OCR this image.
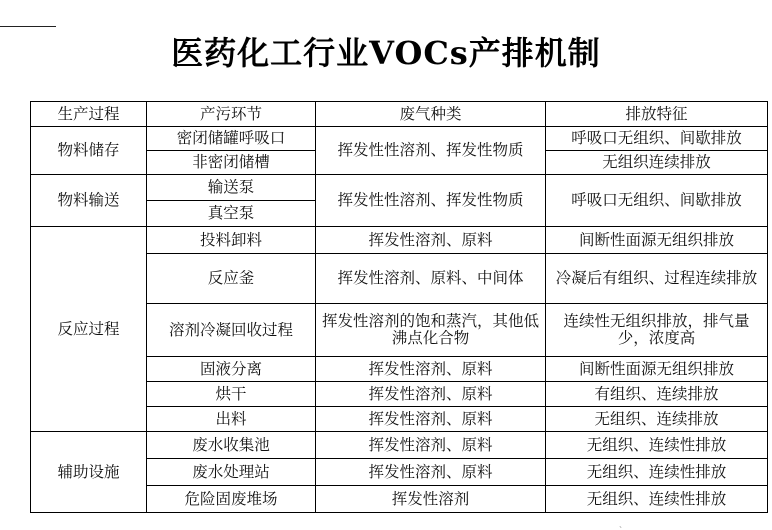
医药化工行业VOCs产排机制
生产过程	产污环节	废气种类	排放特征
物料储存	密闭储罐呼吸口	挥发性性溶剂、挥发性物质	呼吸口无组织、间歇排放
	非密闭储槽		无组织连续排放
物料输送	输送泵	挥发性性溶剂、挥发性物质	呼吸口无组织、间歇排放
	真空泵		
反应过程	投料卸料	挥发性溶剂、原料	间断性面源无组织排放
	反应釜	挥发性溶剂、原料、中间体	冷凝后有组织、过程连续排放
	溶剂冷凝回收过程	挥发性溶剂的饱和蒸汽，其他低沸点化合物	连续性无组织排放，排气量少，浓度高
	固液分离	挥发性溶剂、原料	间断性面源无组织排放
	烘干	挥发性溶剂、原料	有组织、连续排放
	出料	挥发性溶剂、原料	无组织、连续排放
辅助设施	废水收集池	挥发性溶剂、原料	无组织、连续性排放
	废水处理站	挥发性溶剂、原料	无组织、连续性排放
	危险固废堆场	挥发性溶剂	无组织、连续性排放
、
